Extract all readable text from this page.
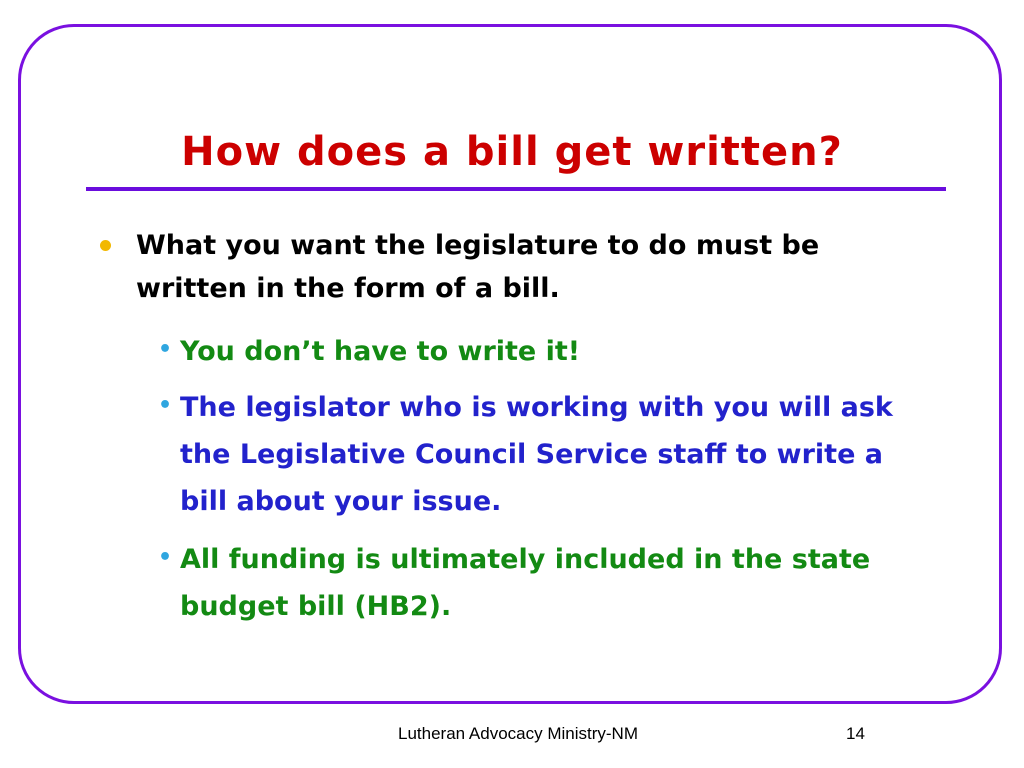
How does a bill get written?
What you want the legislature to do must be written in the form of a bill.
• You don’t have to write it!
• The legislator who is working with you will ask the Legislative Council Service staff to write a bill about your issue.
• All funding is ultimately included in the state budget bill (HB2).
Lutheran Advocacy Ministry-NM	14
